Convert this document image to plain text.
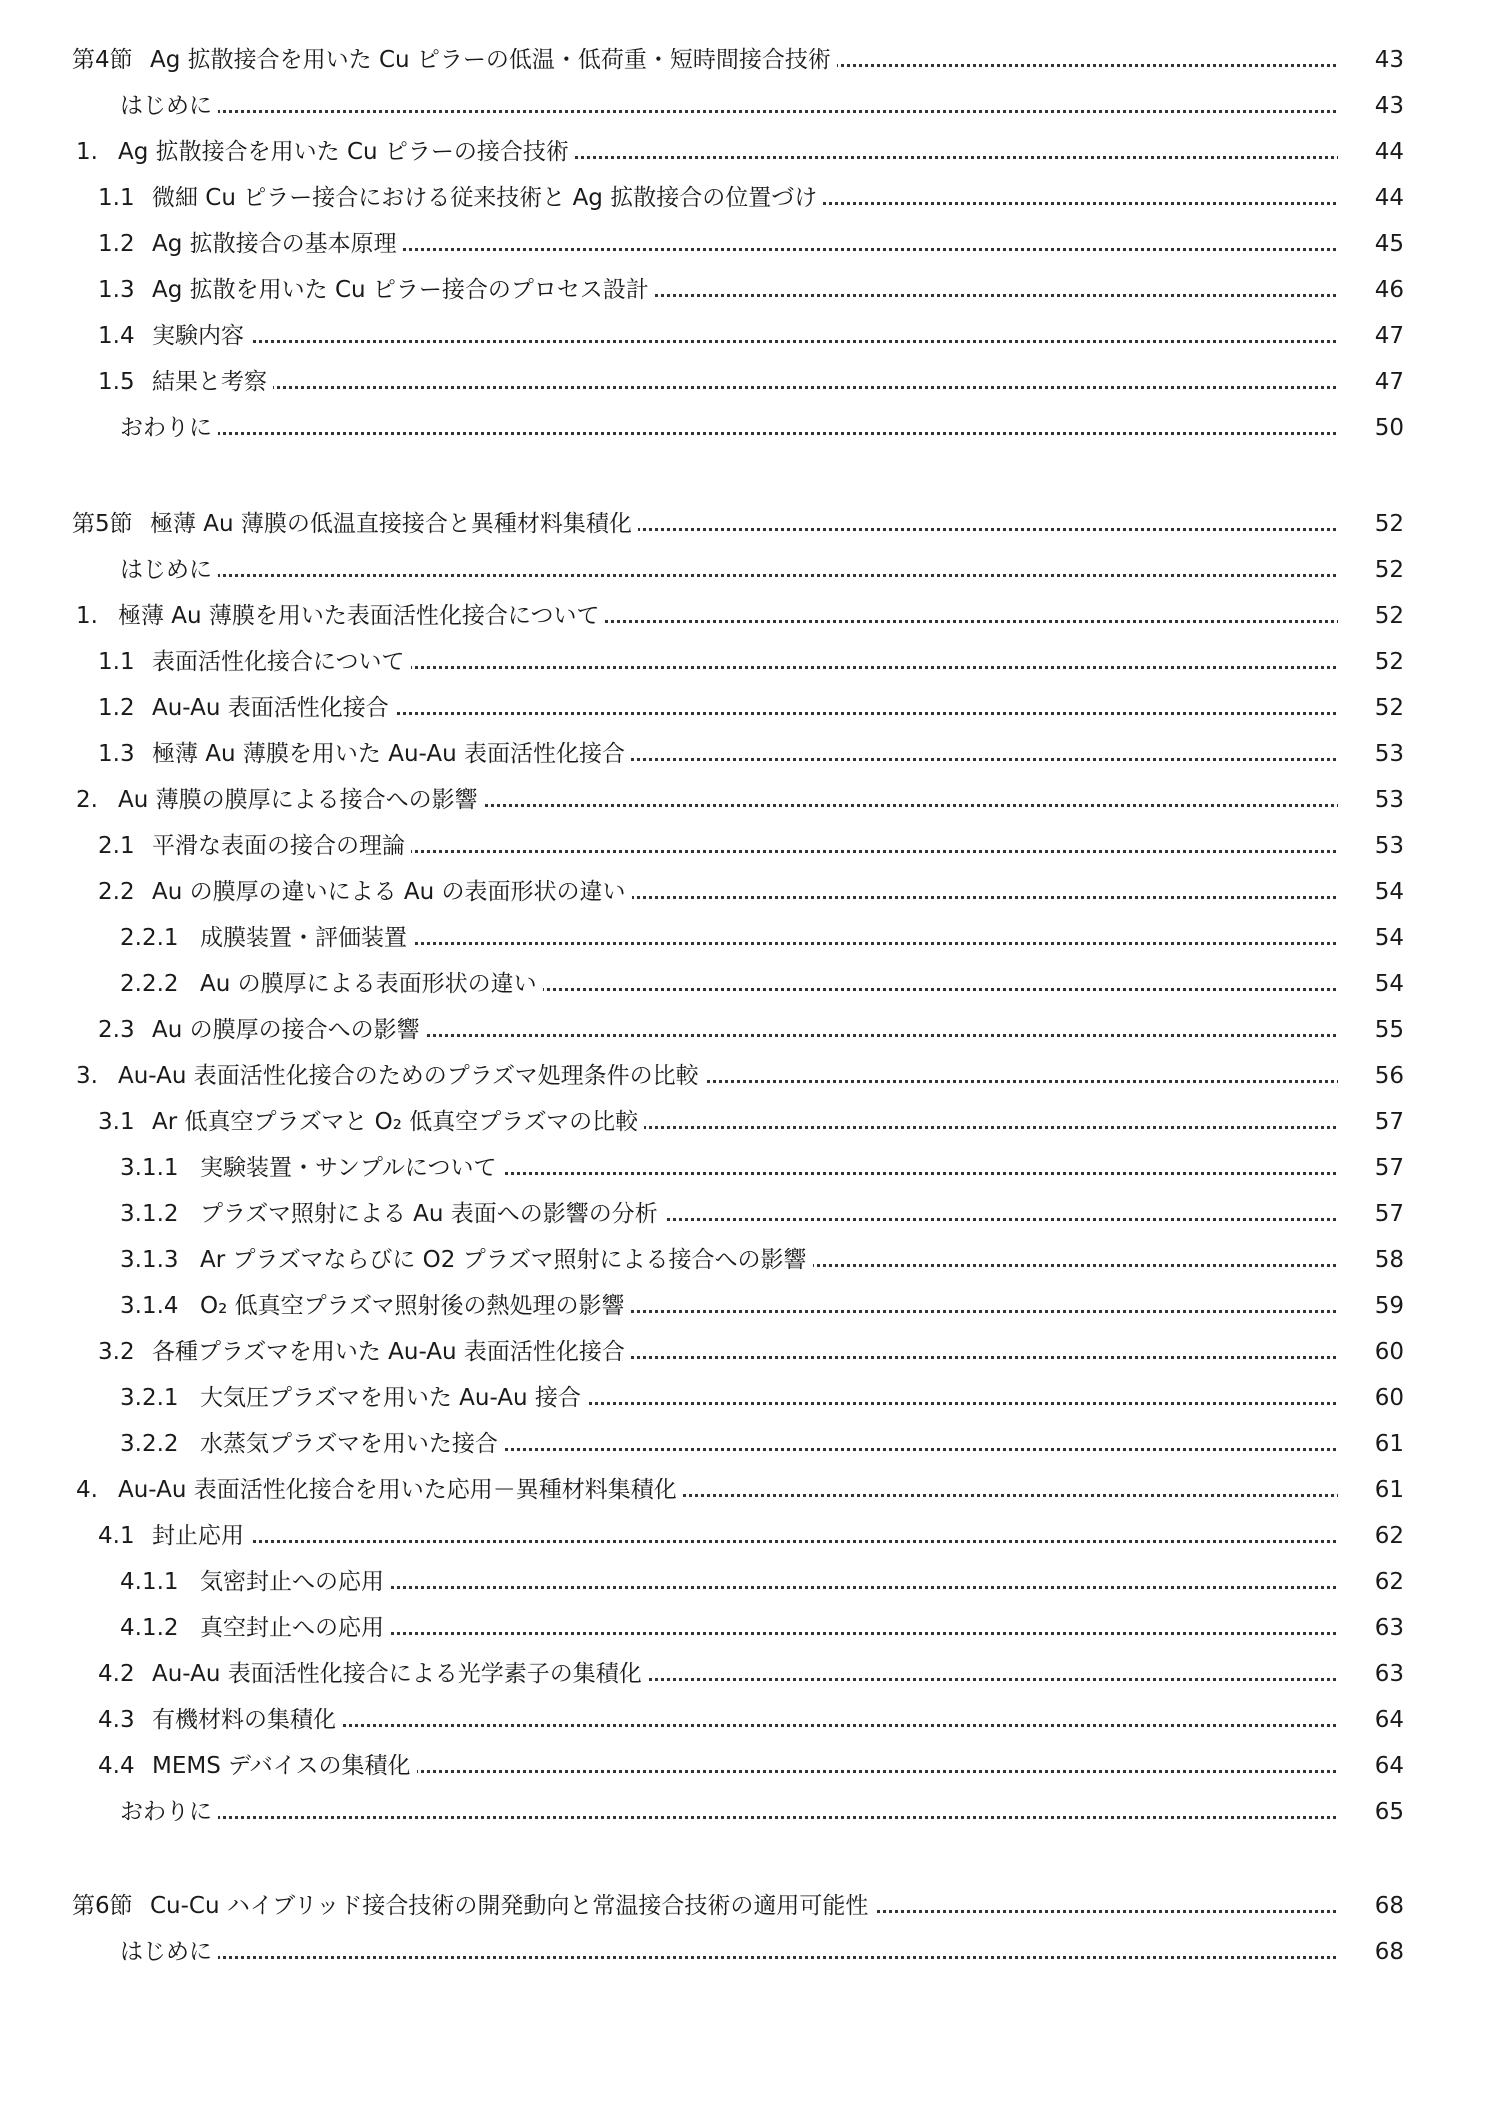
第4節 Ag 拡散接合を用いた Cu ピラーの低温・低荷重・短時間接合技術	43
はじめに	43
1. Ag 拡散接合を用いた Cu ピラーの接合技術	44
1.1 微細 Cu ピラー接合における従来技術と Ag 拡散接合の位置づけ	44
1.2 Ag 拡散接合の基本原理	45
1.3 Ag 拡散を用いた Cu ピラー接合のプロセス設計	46
1.4 実験内容	47
1.5 結果と考察	47
おわりに	50
第5節 極薄 Au 薄膜の低温直接接合と異種材料集積化	52
はじめに	52
1. 極薄 Au 薄膜を用いた表面活性化接合について	52
1.1 表面活性化接合について	52
1.2 Au-Au 表面活性化接合	52
1.3 極薄 Au 薄膜を用いた Au-Au 表面活性化接合	53
2. Au 薄膜の膜厚による接合への影響	53
2.1 平滑な表面の接合の理論	53
2.2 Au の膜厚の違いによる Au の表面形状の違い	54
2.2.1 成膜装置・評価装置	54
2.2.2 Au の膜厚による表面形状の違い	54
2.3 Au の膜厚の接合への影響	55
3. Au-Au 表面活性化接合のためのプラズマ処理条件の比較	56
3.1 Ar 低真空プラズマと O₂ 低真空プラズマの比較	57
3.1.1 実験装置・サンプルについて	57
3.1.2 プラズマ照射による Au 表面への影響の分析	57
3.1.3 Ar プラズマならびに O2 プラズマ照射による接合への影響	58
3.1.4 O₂ 低真空プラズマ照射後の熱処理の影響	59
3.2 各種プラズマを用いた Au-Au 表面活性化接合	60
3.2.1 大気圧プラズマを用いた Au-Au 接合	60
3.2.2 水蒸気プラズマを用いた接合	61
4. Au-Au 表面活性化接合を用いた応用－異種材料集積化	61
4.1 封止応用	62
4.1.1 気密封止への応用	62
4.1.2 真空封止への応用	63
4.2 Au-Au 表面活性化接合による光学素子の集積化	63
4.3 有機材料の集積化	64
4.4 MEMS デバイスの集積化	64
おわりに	65
第6節 Cu-Cu ハイブリッド接合技術の開発動向と常温接合技術の適用可能性	68
はじめに	68
